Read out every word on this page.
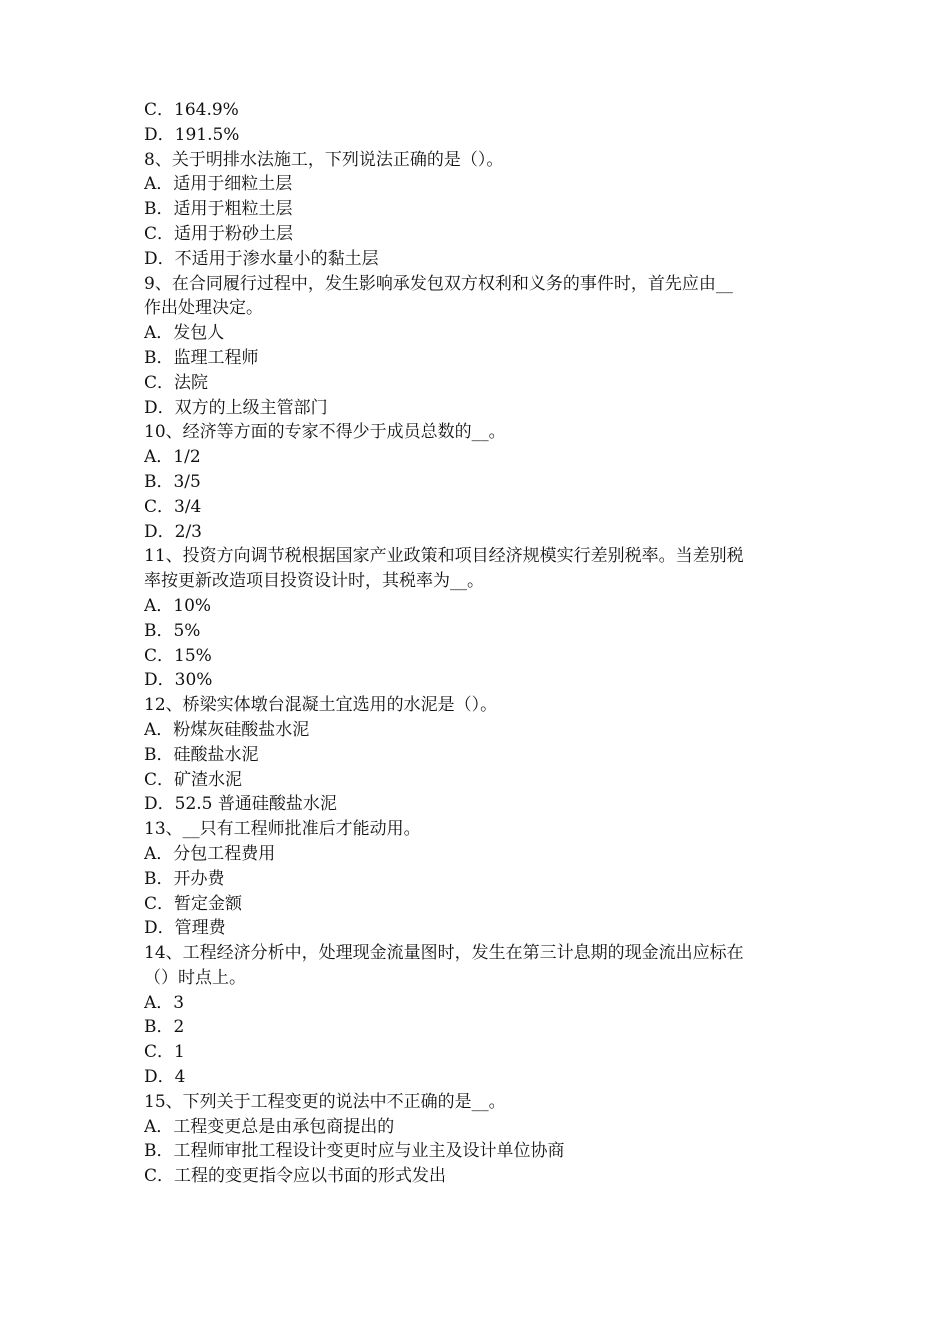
C．164.9%
D．191.5%
8、关于明排水法施工，下列说法正确的是（）。
A．适用于细粒土层
B．适用于粗粒土层
C．适用于粉砂土层
D．不适用于渗水量小的黏土层
9、在合同履行过程中，发生影响承发包双方权利和义务的事件时，首先应由__
作出处理决定。
A．发包人
B．监理工程师
C．法院
D．双方的上级主管部门
10、经济等方面的专家不得少于成员总数的__。
A．1/2
B．3/5
C．3/4
D．2/3
11、投资方向调节税根据国家产业政策和项目经济规模实行差别税率。当差别税
率按更新改造项目投资设计时，其税率为__。
A．10%
B．5%
C．15%
D．30%
12、桥梁实体墩台混凝土宜选用的水泥是（）。
A．粉煤灰硅酸盐水泥
B．硅酸盐水泥
C．矿渣水泥
D．52.5 普通硅酸盐水泥
13、__只有工程师批准后才能动用。
A．分包工程费用
B．开办费
C．暂定金额
D．管理费
14、工程经济分析中，处理现金流量图时，发生在第三计息期的现金流出应标在
（）时点上。
A．3
B．2
C．1
D．4
15、下列关于工程变更的说法中不正确的是__。
A．工程变更总是由承包商提出的
B．工程师审批工程设计变更时应与业主及设计单位协商
C．工程的变更指令应以书面的形式发出
